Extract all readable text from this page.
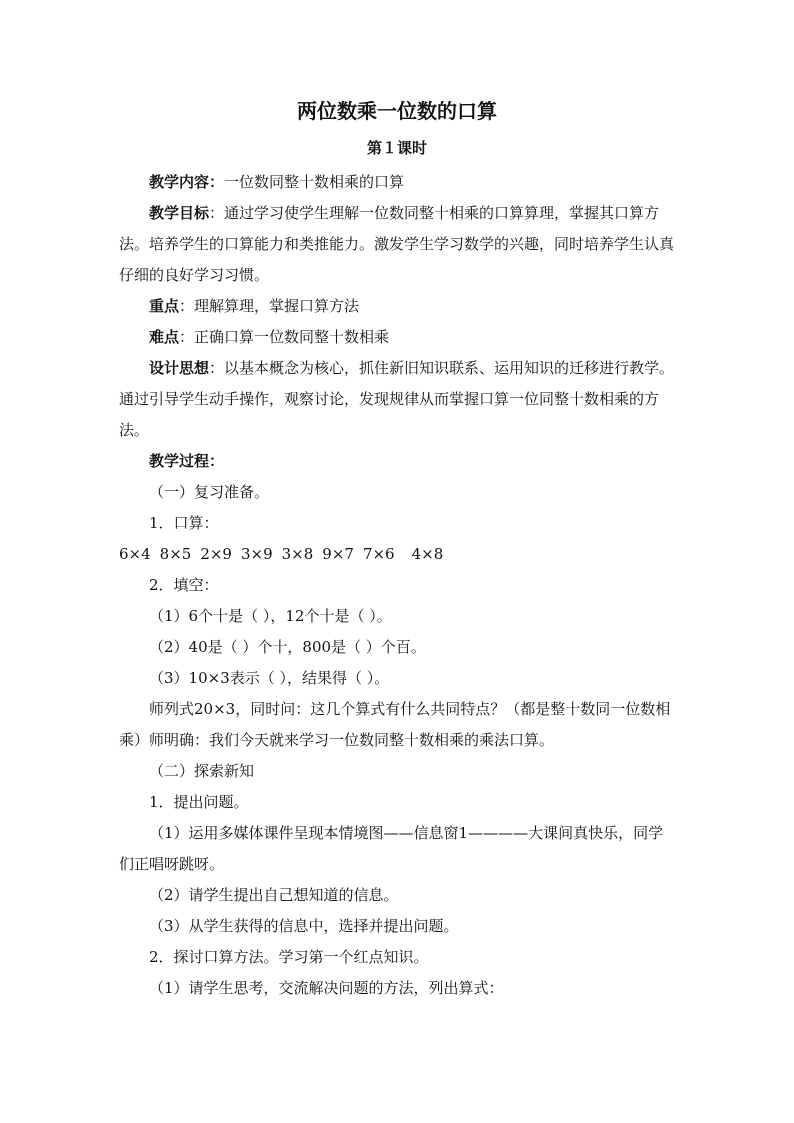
两位数乘一位数的口算
第１课时

教学内容：一位数同整十数相乘的口算

教学目标：通过学习使学生理解一位数同整十相乘的口算算理，掌握其口算方法。培养学生的口算能力和类推能力。激发学生学习数学的兴趣，同时培养学生认真仔细的良好学习习惯。

重点：理解算理，掌握口算方法

难点：正确口算一位数同整十数相乘

设计思想：以基本概念为核心，抓住新旧知识联系、运用知识的迁移进行教学。通过引导学生动手操作，观察讨论，发现规律从而掌握口算一位同整十数相乘的方法。

教学过程：

（一）复习准备。

1．口算：

6×4 8×5 2×9 3×9 3×8 9×7 7×6 4×8

2．填空：

（1）6个十是（ ），12个十是（ ）。

（2）40是（ ）个十，800是（ ）个百。

（3）10×3表示（ ），结果得（ ）。

师列式20×3，同时问：这几个算式有什么共同特点？（都是整十数同一位数相乘）师明确：我们今天就来学习一位数同整十数相乘的乘法口算。

（二）探索新知

1．提出问题。

（1）运用多媒体课件呈现本情境图——信息窗1————大课间真快乐，同学们正唱呀跳呀。

（2）请学生提出自己想知道的信息。

（3）从学生获得的信息中，选择并提出问题。

2．探讨口算方法。学习第一个红点知识。

（1）请学生思考，交流解决问题的方法，列出算式：
